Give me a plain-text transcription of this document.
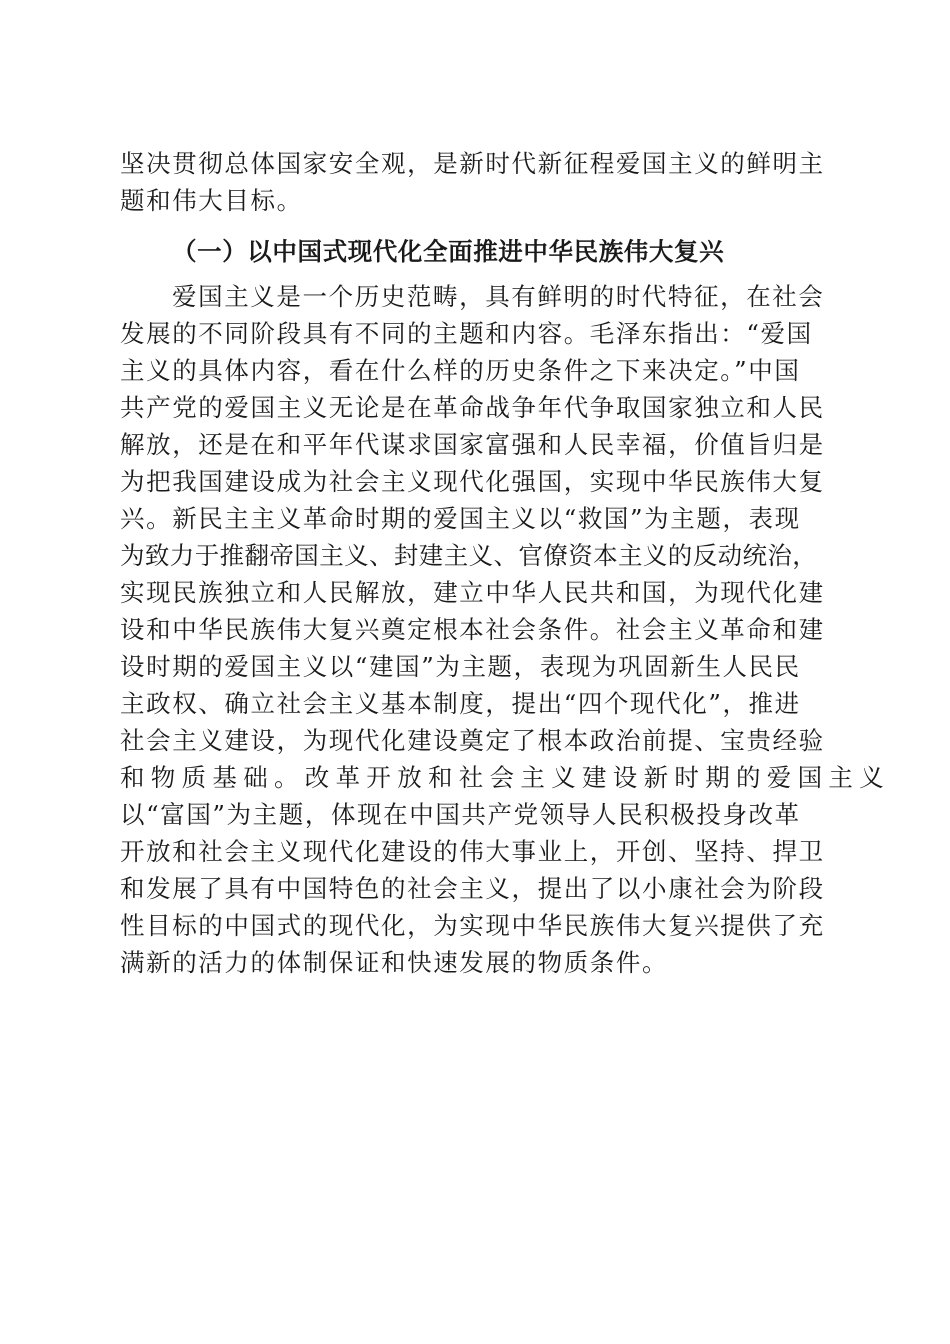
坚决贯彻总体国家安全观，是新时代新征程爱国主义的鲜明主
题和伟大目标。
（一）以中国式现代化全面推进中华民族伟大复兴
爱国主义是一个历史范畴，具有鲜明的时代特征，在社会
发展的不同阶段具有不同的主题和内容。毛泽东指出：“爱国
主义的具体内容，看在什么样的历史条件之下来决定。”中国
共产党的爱国主义无论是在革命战争年代争取国家独立和人民
解放，还是在和平年代谋求国家富强和人民幸福，价值旨归是
为把我国建设成为社会主义现代化强国，实现中华民族伟大复
兴。新民主主义革命时期的爱国主义以“救国”为主题，表现
为致力于推翻帝国主义、封建主义、官僚资本主义的反动统治，
实现民族独立和人民解放，建立中华人民共和国，为现代化建
设和中华民族伟大复兴奠定根本社会条件。社会主义革命和建
设时期的爱国主义以“建国”为主题，表现为巩固新生人民民
主政权、确立社会主义基本制度，提出“四个现代化”，推进
社会主义建设，为现代化建设奠定了根本政治前提、宝贵经验
和物质基础。改革开放和社会主义建设新时期的爱国主义
以“富国”为主题，体现在中国共产党领导人民积极投身改革
开放和社会主义现代化建设的伟大事业上，开创、坚持、捍卫
和发展了具有中国特色的社会主义，提出了以小康社会为阶段
性目标的中国式的现代化，为实现中华民族伟大复兴提供了充
满新的活力的体制保证和快速发展的物质条件。
